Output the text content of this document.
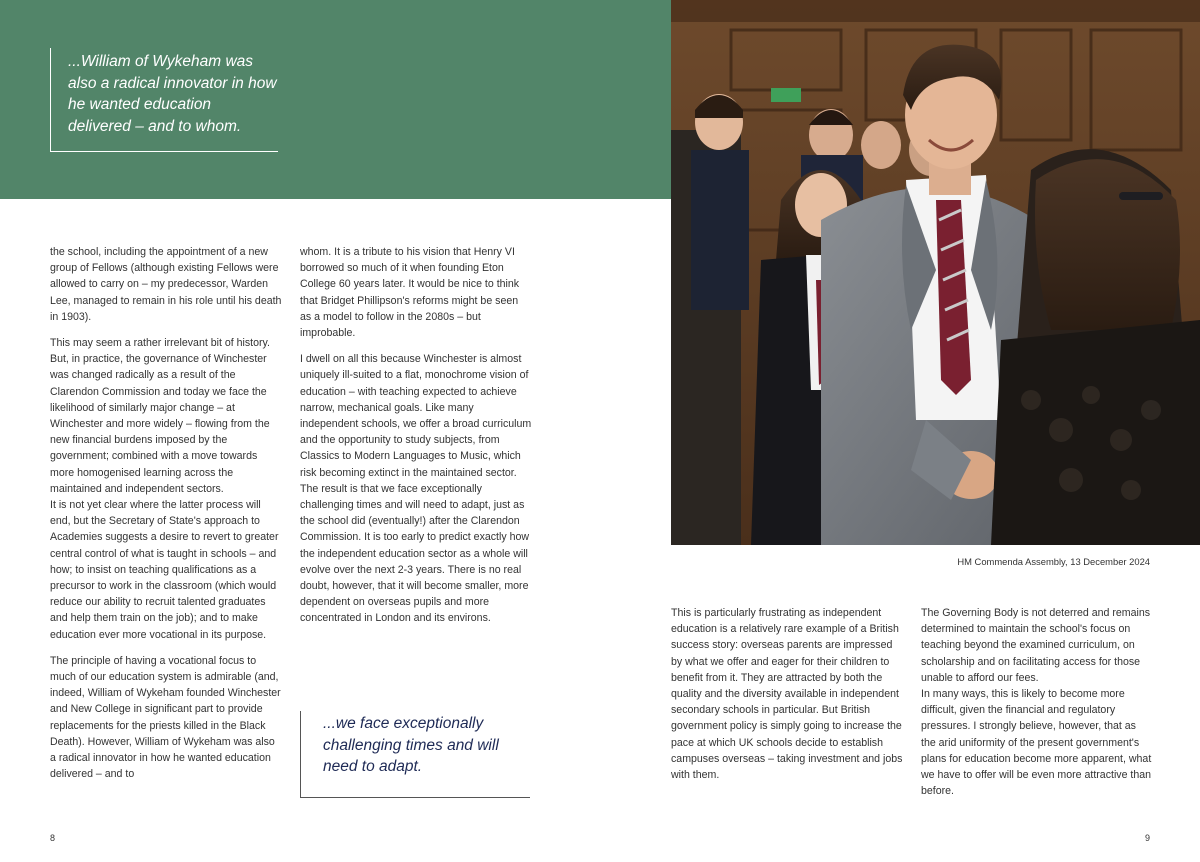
...William of Wykeham was also a radical innovator in how he wanted education delivered – and to whom.

the school, including the appointment of a new group of Fellows (although existing Fellows were allowed to carry on – my predecessor, Warden Lee, managed to remain in his role until his death in 1903).

This may seem a rather irrelevant bit of history. But, in practice, the governance of Winchester was changed radically as a result of the Clarendon Commission and today we face the likelihood of similarly major change – at Winchester and more widely – flowing from the new financial burdens imposed by the government; combined with a move towards more homogenised learning across the maintained and independent sectors.

It is not yet clear where the latter process will end, but the Secretary of State's approach to Academies suggests a desire to revert to greater central control of what is taught in schools – and how; to insist on teaching qualifications as a precursor to work in the classroom (which would reduce our ability to recruit talented graduates and help them train on the job); and to make education ever more vocational in its purpose.

The principle of having a vocational focus to much of our education system is admirable (and, indeed, William of Wykeham founded Winchester and New College in significant part to provide replacements for the priests killed in the Black Death). However, William of Wykeham was also a radical innovator in how he wanted education delivered – and to

whom. It is a tribute to his vision that Henry VI borrowed so much of it when founding Eton College 60 years later. It would be nice to think that Bridget Phillipson's reforms might be seen as a model to follow in the 2080s – but improbable.

I dwell on all this because Winchester is almost uniquely ill-suited to a flat, monochrome vision of education – with teaching expected to achieve narrow, mechanical goals. Like many independent schools, we offer a broad curriculum and the opportunity to study subjects, from Classics to Modern Languages to Music, which risk becoming extinct in the maintained sector.

The result is that we face exceptionally challenging times and will need to adapt, just as the school did (eventually!) after the Clarendon Commission. It is too early to predict exactly how the independent education sector as a whole will evolve over the next 2-3 years. There is no real doubt, however, that it will become smaller, more dependent on overseas pupils and more concentrated in London and its environs.

...we face exceptionally challenging times and will need to adapt.

8	9
HM Commenda Assembly, 13 December 2024

This is particularly frustrating as independent education is a relatively rare example of a British success story: overseas parents are impressed by what we offer and eager for their children to benefit from it. They are attracted by both the quality and the diversity available in independent secondary schools in particular. But British government policy is simply going to increase the pace at which UK schools decide to establish campuses overseas – taking investment and jobs with them.

The Governing Body is not deterred and remains determined to maintain the school's focus on teaching beyond the examined curriculum, on scholarship and on facilitating access for those unable to afford our fees.

In many ways, this is likely to become more difficult, given the financial and regulatory pressures. I strongly believe, however, that as the arid uniformity of the present government's plans for education become more apparent, what we have to offer will be even more attractive than before.
